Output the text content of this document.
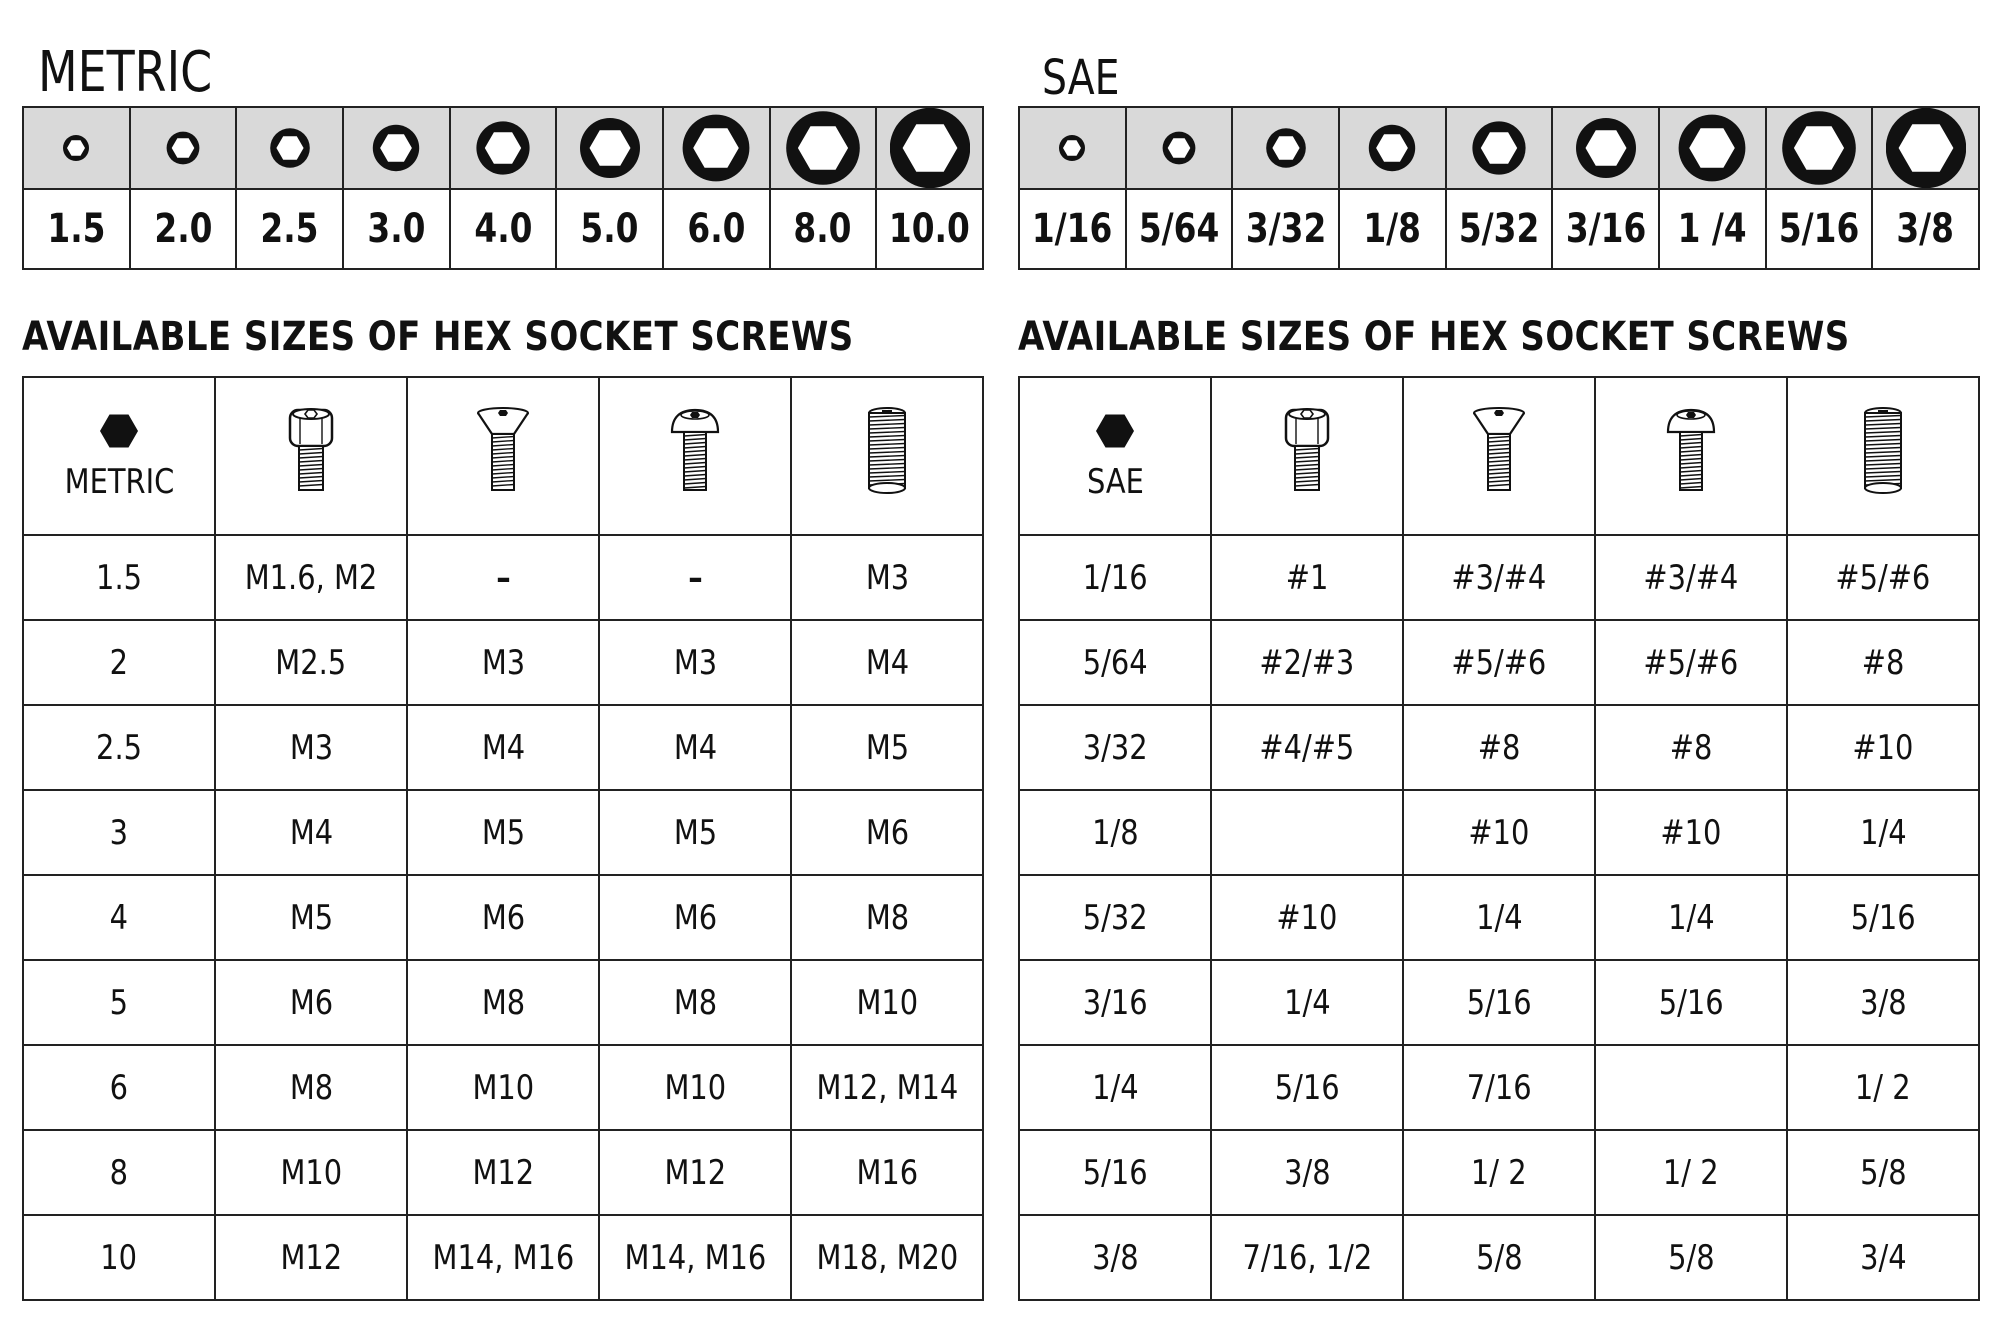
METRIC

1.5	2.0	2.5	3.0	4.0	5.0	6.0	8.0	10.0
AVAILABLE SIZES OF HEX SOCKET SCREWS
METRIC

1.5	M1.6, M2	–	–	M3
2	M2.5	M3	M3	M4
2.5	M3	M4	M4	M5
3	M4	M5	M5	M6
4	M5	M6	M6	M8
5	M6	M8	M8	M10
6	M8	M10	M10	M12, M14
8	M10	M12	M12	M16
10	M12	M14, M16	M14, M16	M18, M20
SAE

1/16	5/64	3/32	1/8	5/32	3/16	1 /4	5/16	3/8
AVAILABLE SIZES OF HEX SOCKET SCREWS
SAE

1/16	#1	#3/#4	#3/#4	#5/#6
5/64	#2/#3	#5/#6	#5/#6	#8
3/32	#4/#5	#8	#8	#10
1/8		#10	#10	1/4
5/32	#10	1/4	1/4	5/16
3/16	1/4	5/16	5/16	3/8
1/4	5/16	7/16		1/ 2
5/16	3/8	1/ 2	1/ 2	5/8
3/8	7/16, 1/2	5/8	5/8	3/4
